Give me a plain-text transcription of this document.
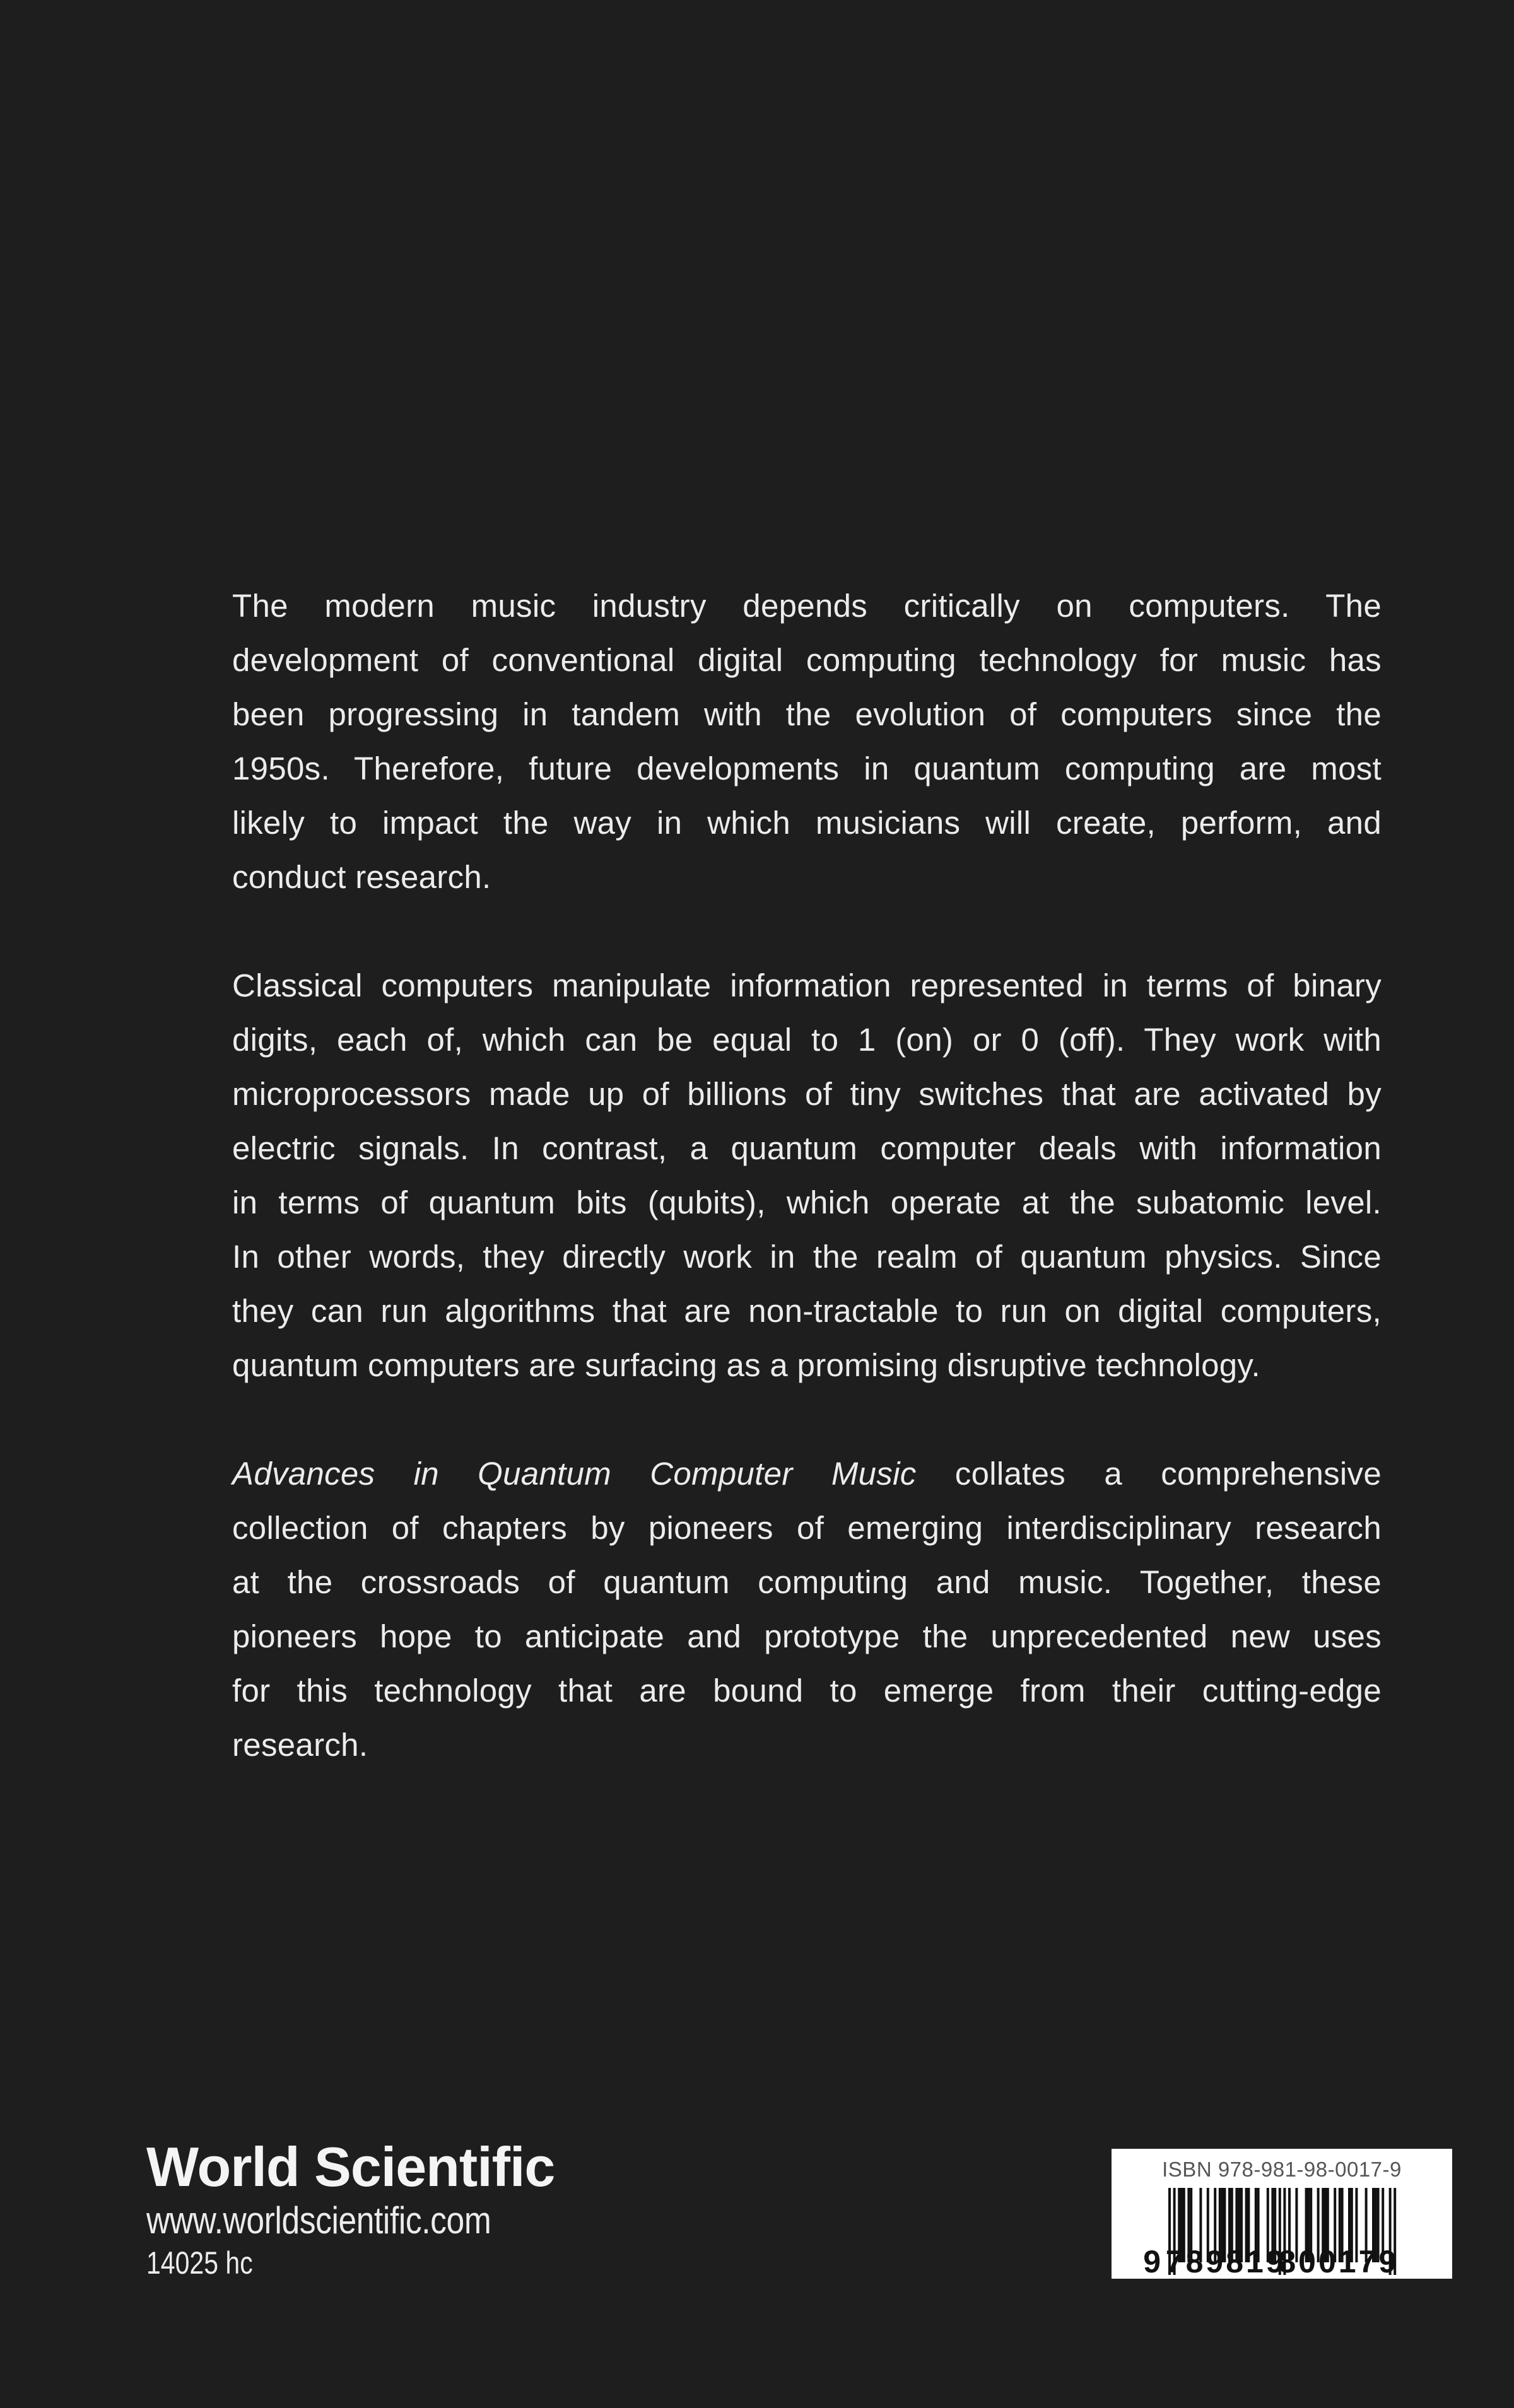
The modern music industry depends critically on computers. The
development of conventional digital computing technology for music has
been progressing in tandem with the evolution of computers since the
1950s. Therefore, future developments in quantum computing are most
likely to impact the way in which musicians will create, perform, and
conduct research.
Classical computers manipulate information represented in terms of binary
digits, each of, which can be equal to 1 (on) or 0 (off). They work with
microprocessors made up of billions of tiny switches that are activated by
electric signals. In contrast, a quantum computer deals with information
in terms of quantum bits (qubits), which operate at the subatomic level.
In other words, they directly work in the realm of quantum physics. Since
they can run algorithms that are non-tractable to run on digital computers,
quantum computers are surfacing as a promising disruptive technology.
Advances in Quantum Computer Music collates a comprehensive
collection of chapters by pioneers of emerging interdisciplinary research
at the crossroads of quantum computing and music. Together, these
pioneers hope to anticipate and prototype the unprecedented new uses
for this technology that are bound to emerge from their cutting-edge
research.
World Scientific
www.worldscientific.com
14025 hc
ISBN 978-981-98-0017-9
9 789819
800179
